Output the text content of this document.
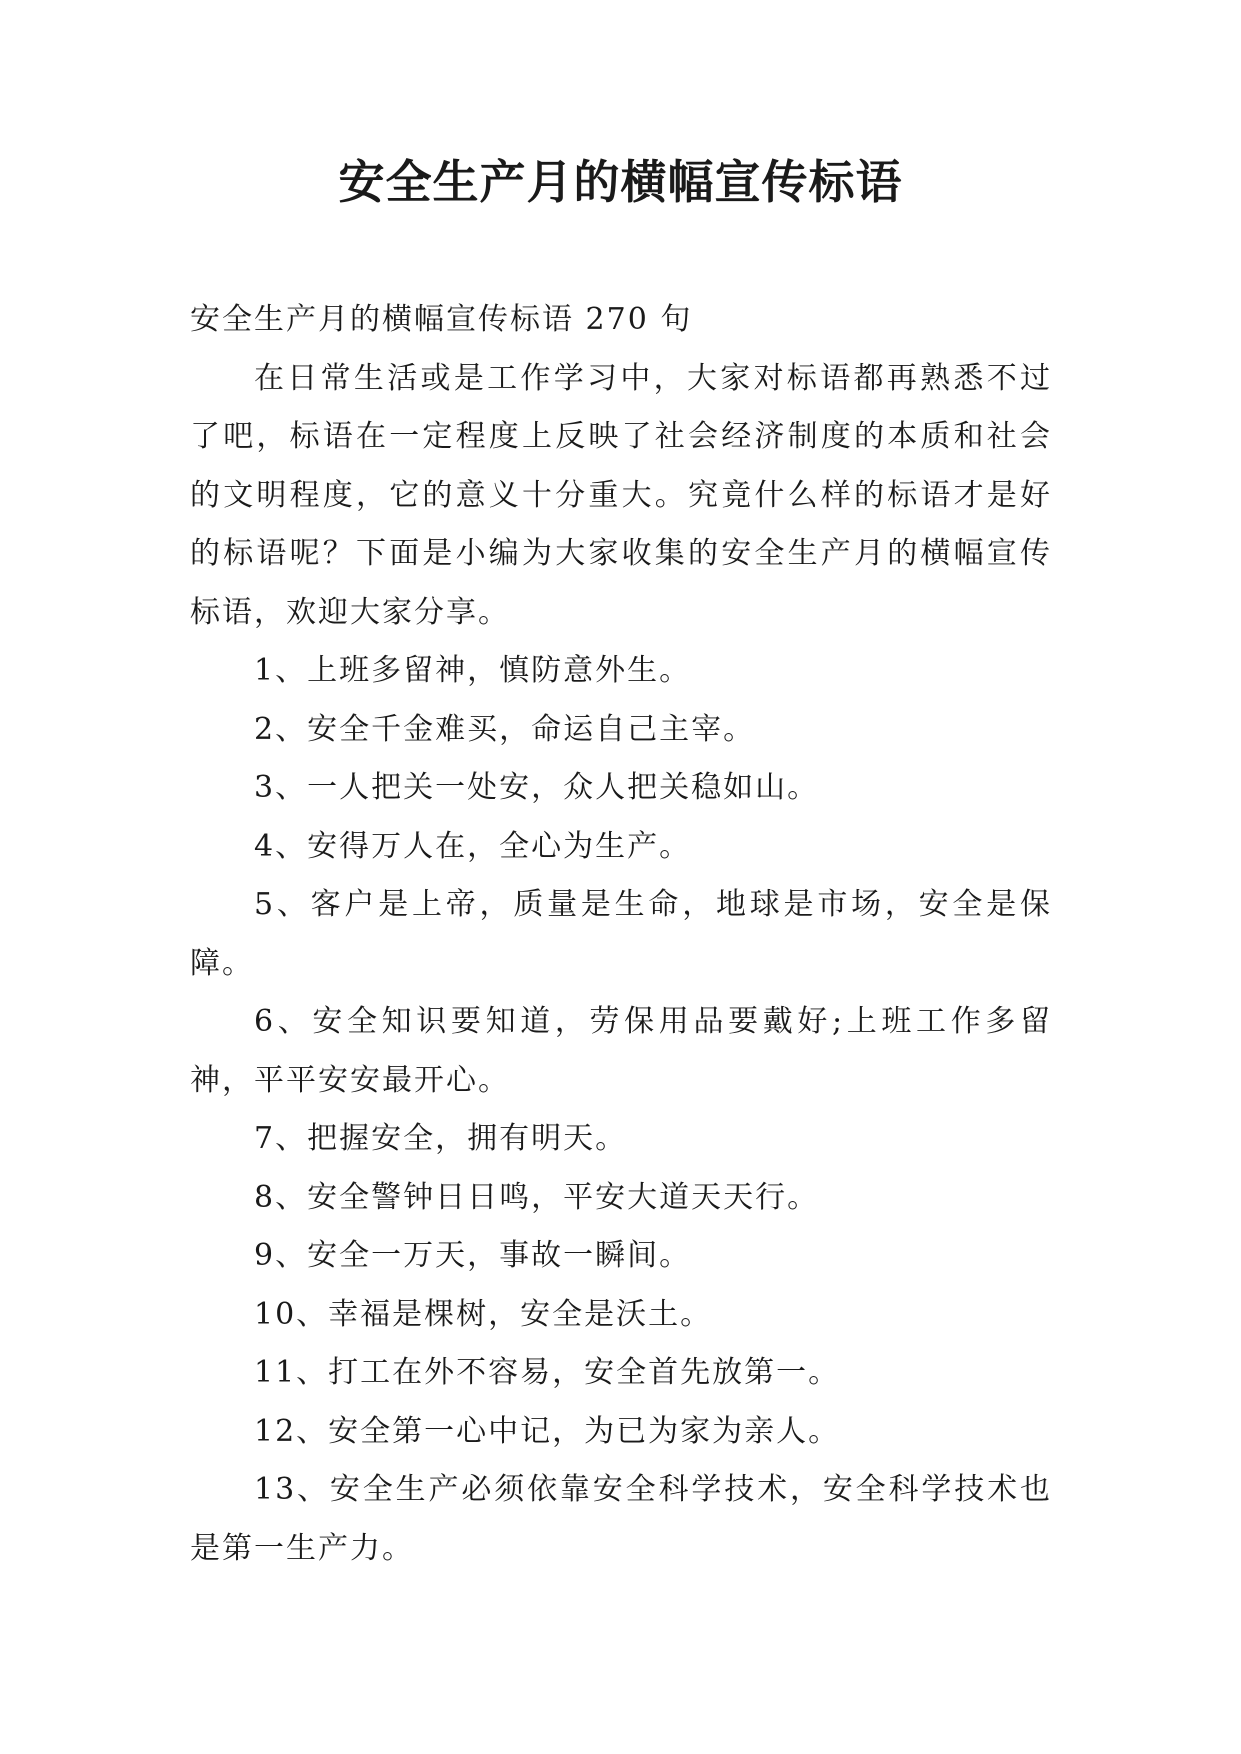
安全生产月的横幅宣传标语

安全生产月的横幅宣传标语 270 句

在日常生活或是工作学习中，大家对标语都再熟悉不过了吧，标语在一定程度上反映了社会经济制度的本质和社会的文明程度，它的意义十分重大。究竟什么样的标语才是好的标语呢？下面是小编为大家收集的安全生产月的横幅宣传标语，欢迎大家分享。

1、上班多留神，慎防意外生。

2、安全千金难买，命运自己主宰。

3、一人把关一处安，众人把关稳如山。

4、安得万人在，全心为生产。

5、客户是上帝，质量是生命，地球是市场，安全是保障。

6、安全知识要知道，劳保用品要戴好;上班工作多留神，平平安安最开心。

7、把握安全，拥有明天。

8、安全警钟日日鸣，平安大道天天行。

9、安全一万天，事故一瞬间。

10、幸福是棵树，安全是沃土。

11、打工在外不容易，安全首先放第一。

12、安全第一心中记，为已为家为亲人。

13、安全生产必须依靠安全科学技术，安全科学技术也是第一生产力。
